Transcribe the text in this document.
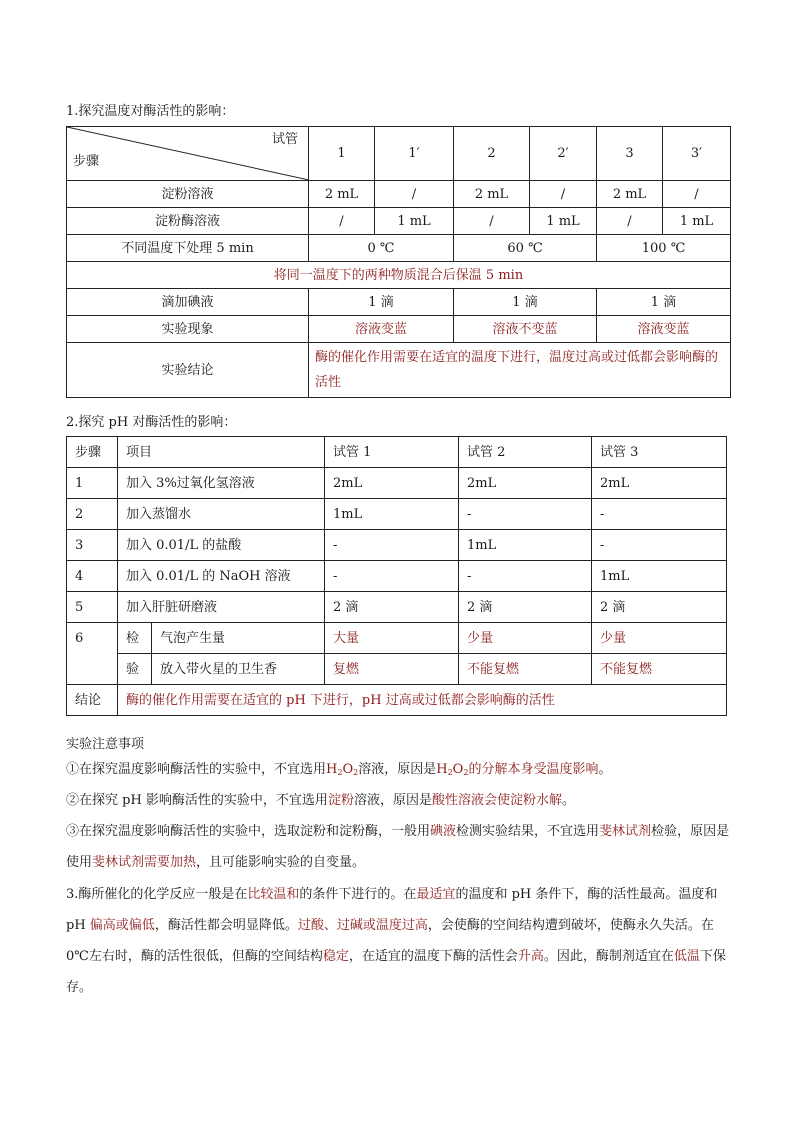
1.探究温度对酶活性的影响：
试管
步骤	1	1′	2	2′	3	3′
淀粉溶液	2 mL	/	2 mL	/	2 mL	/
淀粉酶溶液	/	1 mL	/	1 mL	/	1 mL
不同温度下处理 5 min	0 ℃		60 ℃		100 ℃	
将同一温度下的两种物质混合后保温 5 min						
滴加碘液	1 滴		1 滴		1 滴	
实验现象	溶液变蓝		溶液不变蓝		溶液变蓝	
实验结论	酶的催化作用需要在适宜的温度下进行，温度过高或过低都会影响酶的活性					
2.探究 pH 对酶活性的影响：
步骤	项目		试管 1	试管 2	试管 3
1	加入 3%过氧化氢溶液		2mL	2mL	2mL
2	加入蒸馏水		1mL	-	-
3	加入 0.01/L 的盐酸		-	1mL	-
4	加入 0.01/L 的 NaOH 溶液		-	-	1mL
5	加入肝脏研磨液		2 滴	2 滴	2 滴
6	检	气泡产生量	大量	少量	少量
	验	放入带火星的卫生香	复燃	不能复燃	不能复燃
结论	酶的催化作用需要在适宜的 pH 下进行，pH 过高或过低都会影响酶的活性				
实验注意事项
①在探究温度影响酶活性的实验中，不宜选用$H_2O_2$溶液，原因是$H_2O_2$的分解本身受温度影响。
②在探究 pH 影响酶活性的实验中，不宜选用淀粉溶液，原因是酸性溶液会使淀粉水解。
③在探究温度影响酶活性的实验中，选取淀粉和淀粉酶，一般用碘液检测实验结果，不宜选用斐林试剂检验，原因是使用斐林试剂需要加热，且可能影响实验的自变量。
3.酶所催化的化学反应一般是在比较温和的条件下进行的。在最适宜的温度和 pH 条件下，酶的活性最高。温度和 pH 偏高或偏低，酶活性都会明显降低。过酸、过碱或温度过高，会使酶的空间结构遭到破坏，使酶永久失活。在 0℃左右时，酶的活性很低，但酶的空间结构稳定，在适宜的温度下酶的活性会升高。因此，酶制剂适宜在低温下保存。
